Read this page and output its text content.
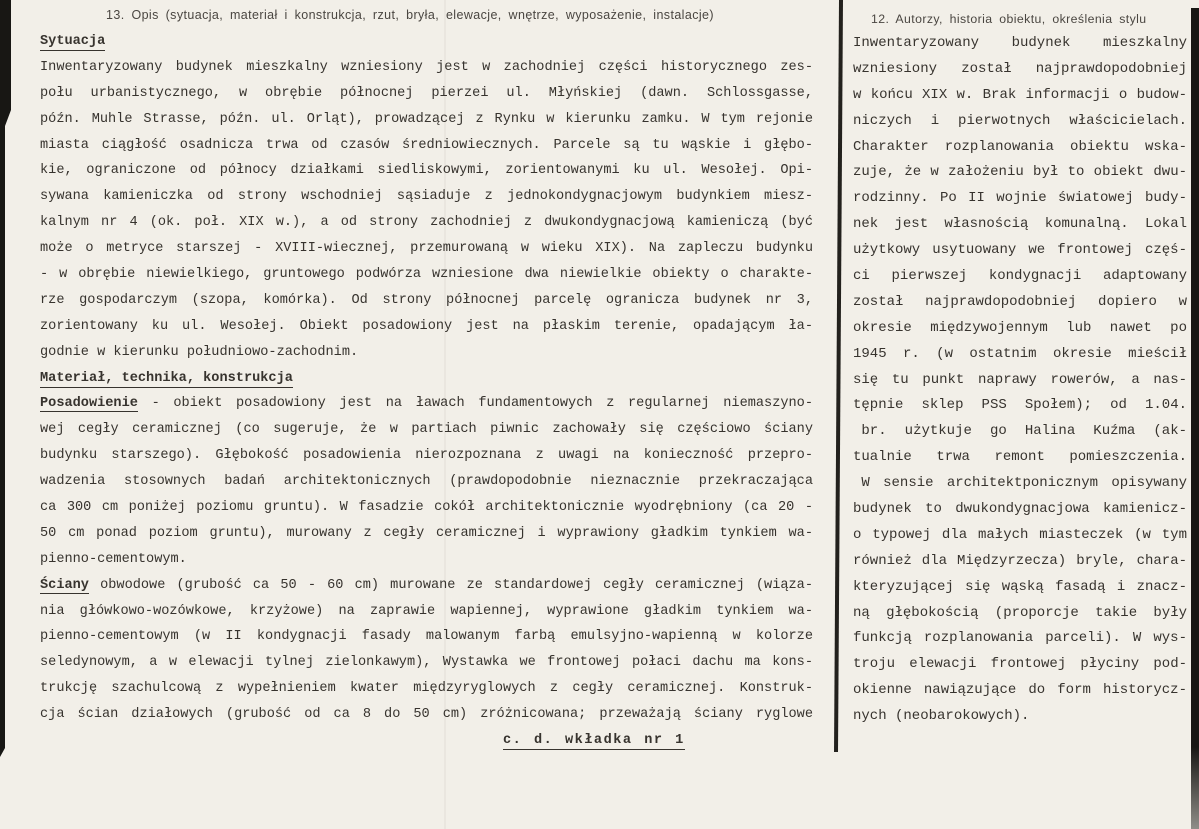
13. Opis (sytuacja, materiał i konstrukcja, rzut, bryła, elewacje, wnętrze, wyposażenie, instalacje)
Sytuacja
Inwentaryzowany budynek mieszkalny wzniesiony jest w zachodniej części historycznego zes-
połu urbanistycznego, w obrębie północnej pierzei ul. Młyńskiej (dawn. Schlossgasse,
późn. Muhle Strasse, późn. ul. Orląt), prowadzącej z Rynku w kierunku zamku. W tym rejonie
miasta ciągłość osadnicza trwa od czasów średniowiecznych. Parcele są tu wąskie i głębo-
kie, ograniczone od północy działkami siedliskowymi, zorientowanymi ku ul. Wesołej. Opi-
sywana kamieniczka od strony wschodniej sąsiaduje z jednokondygnacjowym budynkiem miesz-
kalnym nr 4 (ok. poł. XIX w.), a od strony zachodniej z dwukondygnacjową kamieniczą (być
może o metryce starszej - XVIII-wiecznej, przemurowaną w wieku XIX). Na zapleczu budynku
- w obrębie niewielkiego, gruntowego podwórza wzniesione dwa niewielkie obiekty o charakte-
rze gospodarczym (szopa, komórka). Od strony północnej parcelę ogranicza budynek nr 3,
zorientowany ku ul. Wesołej. Obiekt posadowiony jest na płaskim terenie, opadającym ła-
godnie w kierunku południowo-zachodnim.
Materiał, technika, konstrukcja
Posadowienie - obiekt posadowiony jest na ławach fundamentowych z regularnej niemaszyno-
wej cegły ceramicznej (co sugeruje, że w partiach piwnic zachowały się częściowo ściany
budynku starszego). Głębokość posadowienia nierozpoznana z uwagi na konieczność przepro-
wadzenia stosownych badań architektonicznych (prawdopodobnie nieznacznie przekraczająca
ca 300 cm poniżej poziomu gruntu). W fasadzie cokół architektonicznie wyodrębniony (ca 20 -
50 cm ponad poziom gruntu), murowany z cegły ceramicznej i wyprawiony gładkim tynkiem wa-
pienno-cementowym.
Ściany obwodowe (grubość ca 50 - 60 cm) murowane ze standardowej cegły ceramicznej (wiąza-
nia główkowo-wozówkowe, krzyżowe) na zaprawie wapiennej, wyprawione gładkim tynkiem wa-
pienno-cementowym (w II kondygnacji fasady malowanym farbą emulsyjno-wapienną w kolorze
seledynowym, a w elewacji tylnej zielonkawym), Wystawka we frontowej połaci dachu ma kons-
trukcję szachulcową z wypełnieniem kwater międzyryglowych z cegły ceramicznej. Konstruk-
cja ścian działowych (grubość od ca 8 do 50 cm) zróżnicowana; przeważają ściany ryglowe
c. d. wkładka nr 1
12. Autorzy, historia obiektu, określenia stylu
Inwentaryzowany budynek mieszkalny
wzniesiony został najprawdopodobniej
w końcu XIX w. Brak informacji o budow-
niczych i pierwotnych właścicielach.
Charakter rozplanowania obiektu wska-
zuje, że w założeniu był to obiekt dwu-
rodzinny. Po II wojnie światowej budy-
nek jest własnością komunalną. Lokal
użytkowy usytuowany we frontowej częś-
ci pierwszej kondygnacji adaptowany
został najprawdopodobniej dopiero w
okresie międzywojennym lub nawet po
1945 r. (w ostatnim okresie mieścił
się tu punkt naprawy rowerów, a nas-
tępnie sklep PSS Społem); od 1.04.
br. użytkuje go Halina Kuźma (ak-
tualnie trwa remont pomieszczenia.
W sensie architektponicznym opisywany
budynek to dwukondygnacjowa kamienicz-
o typowej dla małych miasteczek (w tym
również dla Międzyrzecza) bryle, chara-
kteryzującej się wąską fasadą i znacz-
ną głębokością (proporcje takie były
funkcją rozplanowania parceli). W wys-
troju elewacji frontowej płyciny pod-
okienne nawiązujące do form historycz-
nych (neobarokowych).
